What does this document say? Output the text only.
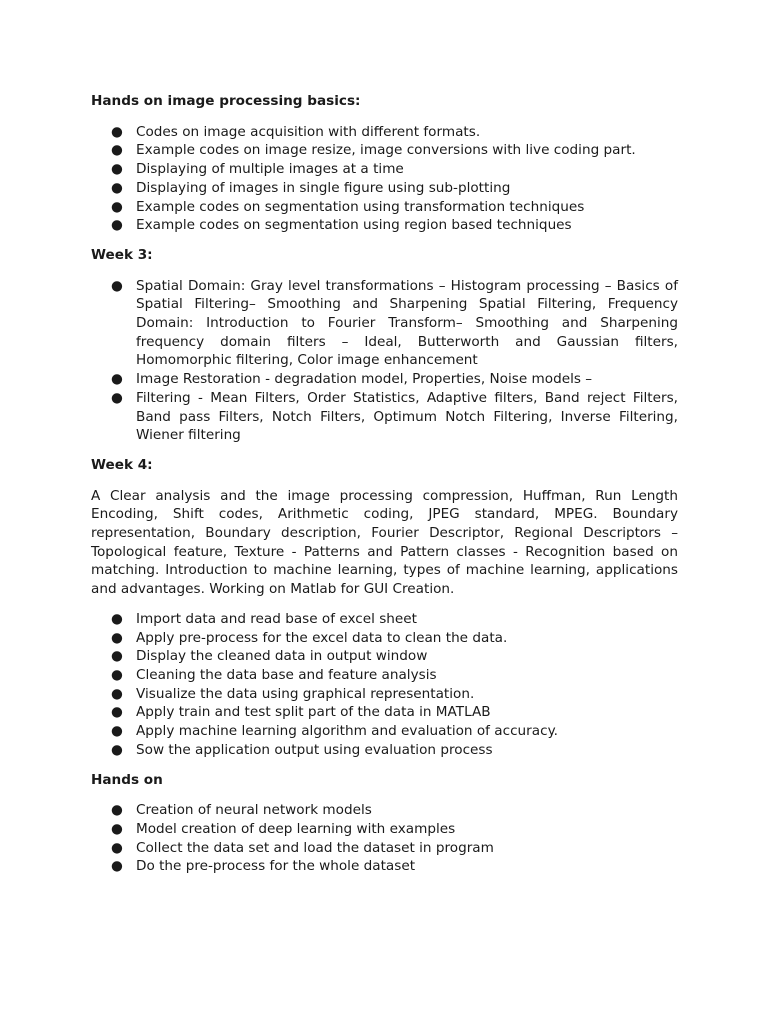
Hands on image processing basics:
● Codes on image acquisition with different formats.
● Example codes on image resize, image conversions with live coding part.
● Displaying of multiple images at a time
● Displaying of images in single figure using sub-plotting
● Example codes on segmentation using transformation techniques
● Example codes on segmentation using region based techniques
Week 3:
● Spatial Domain: Gray level transformations – Histogram processing – Basics of Spatial Filtering– Smoothing and Sharpening Spatial Filtering, Frequency Domain: Introduction to Fourier Transform– Smoothing and Sharpening frequency domain filters – Ideal, Butterworth and Gaussian filters, Homomorphic filtering, Color image enhancement
● Image Restoration - degradation model, Properties, Noise models –
● Filtering - Mean Filters, Order Statistics, Adaptive filters, Band reject Filters, Band pass Filters, Notch Filters, Optimum Notch Filtering, Inverse Filtering, Wiener filtering
Week 4:

A Clear analysis and the image processing compression, Huffman, Run Length Encoding, Shift codes, Arithmetic coding, JPEG standard, MPEG. Boundary representation, Boundary description, Fourier Descriptor, Regional Descriptors – Topological feature, Texture - Patterns and Pattern classes - Recognition based on matching. Introduction to machine learning, types of machine learning, applications and advantages. Working on Matlab for GUI Creation.

● Import data and read base of excel sheet
● Apply pre-process for the excel data to clean the data.
● Display the cleaned data in output window
● Cleaning the data base and feature analysis
● Visualize the data using graphical representation.
● Apply train and test split part of the data in MATLAB
● Apply machine learning algorithm and evaluation of accuracy.
● Sow the application output using evaluation process
Hands on
● Creation of neural network models
● Model creation of deep learning with examples
● Collect the data set and load the dataset in program
● Do the pre-process for the whole dataset
